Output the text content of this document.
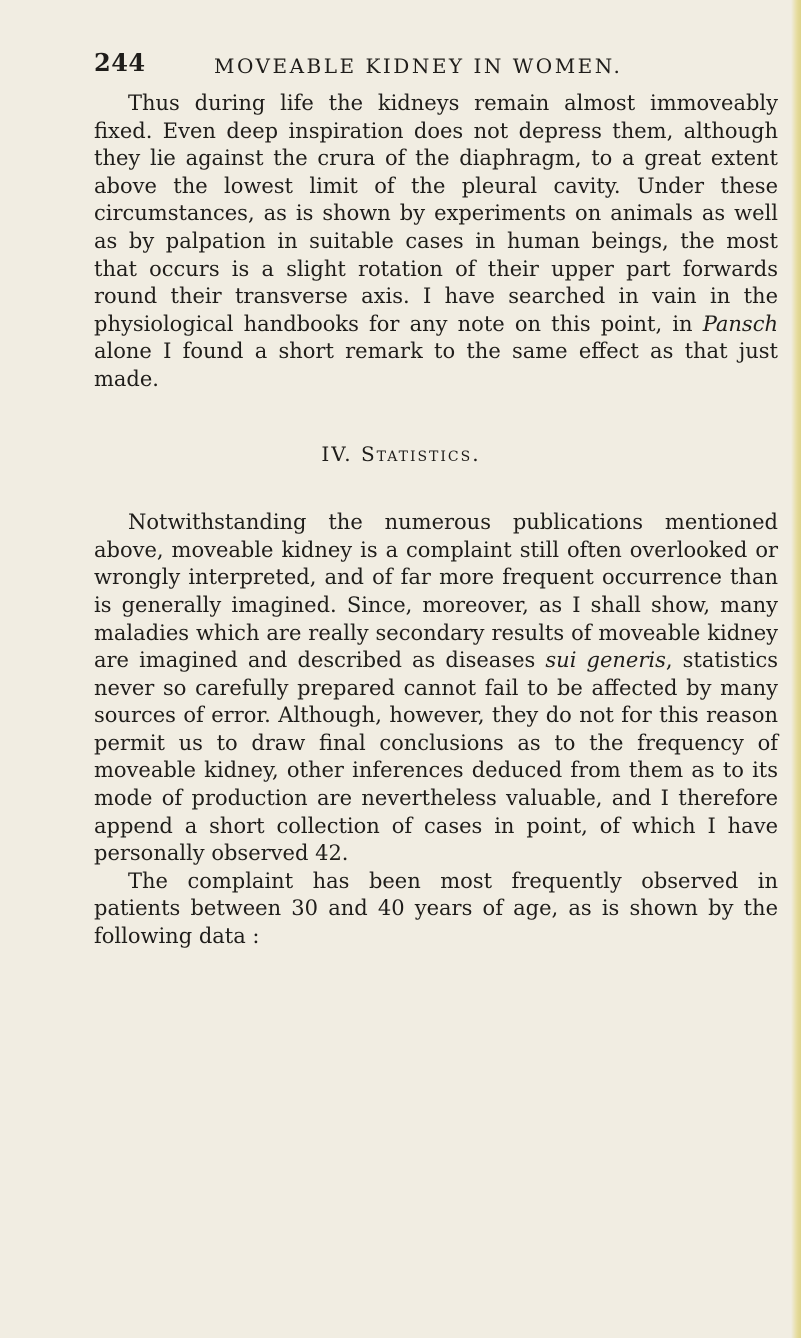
244	MOVEABLE KIDNEY IN WOMEN.

Thus during life the kidneys remain almost immoveably fixed. Even deep inspiration does not depress them, although they lie against the crura of the diaphragm, to a great extent above the lowest limit of the pleural cavity. Under these circumstances, as is shown by experiments on animals as well as by palpation in suitable cases in human beings, the most that occurs is a slight rotation of their upper part forwards round their transverse axis. I have searched in vain in the physiological handbooks for any note on this point, in Pansch alone I found a short remark to the same effect as that just made.

IV. Statistics.

Notwithstanding the numerous publications mentioned above, moveable kidney is a complaint still often overlooked or wrongly interpreted, and of far more frequent occurrence than is generally imagined. Since, moreover, as I shall show, many maladies which are really secondary results of moveable kidney are imagined and described as diseases sui generis, statistics never so carefully prepared cannot fail to be affected by many sources of error. Although, however, they do not for this reason permit us to draw final conclusions as to the frequency of moveable kidney, other inferences deduced from them as to its mode of production are nevertheless valuable, and I therefore append a short collection of cases in point, of which I have personally observed 42.

The complaint has been most frequently observed in patients between 30 and 40 years of age, as is shown by the following data :
